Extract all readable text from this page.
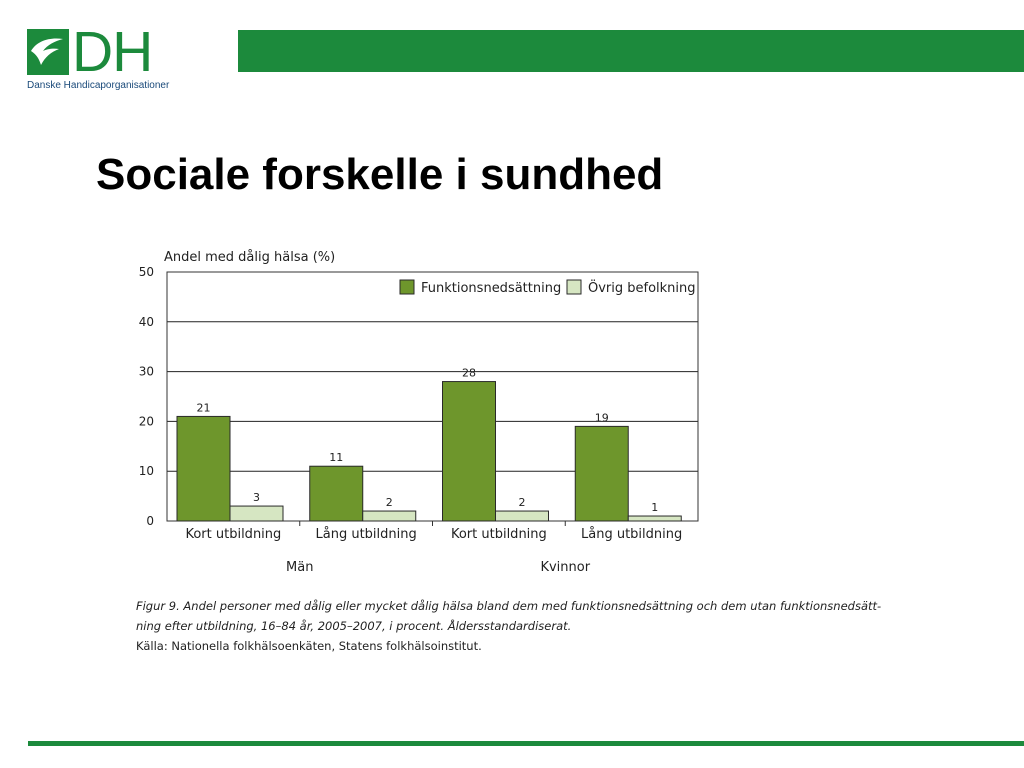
DH
Danske Handicaporganisationer
Sociale forskelle i sundhed
Andel med dålig hälsa (%)
0
10
20
30
40
50
21
11
28
19
3	2	2	1
Kort utbildning	Lång utbildning	Kort utbildning	Lång utbildning
Män	Kvinnor
Funktionsnedsättning Övrig befolkning
Figur 9. Andel personer med dålig eller mycket dålig hälsa bland dem med funktionsnedsättning och dem utan funktionsnedsätt-ning efter utbildning, 16–84 år, 2005–2007, i procent. Åldersstandardiserat.
Källa: Nationella folkhälsoenkäten, Statens folkhälsoinstitut.
